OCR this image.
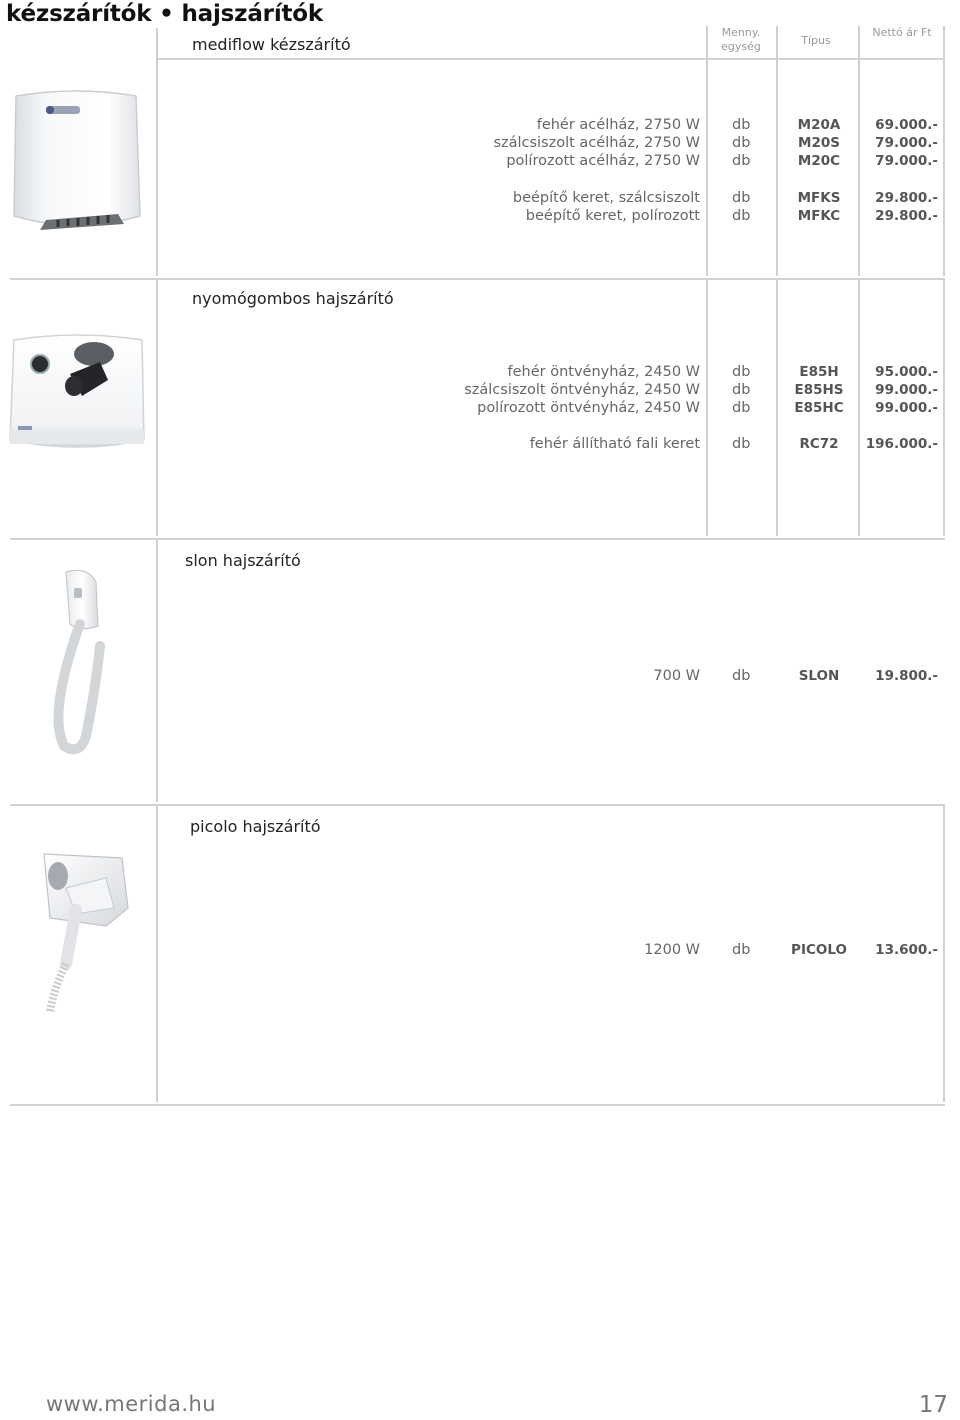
kézszárítók • hajszárítók
Menny. egység	Típus
Nettó ár Ft
mediflow kézszárító
fehér acélház, 2750 W db	M20A	69.000.-
szálcsiszolt acélház, 2750 W db	M20S	79.000.-
polírozott acélház, 2750 W db	M20C	79.000.-
beépítő keret, szálcsiszolt db	MFKS	29.800.-
beépítő keret, polírozott db	MFKC	29.800.-
nyomógombos hajszárító
fehér öntvényház, 2450 W db	E85H	95.000.-
szálcsiszolt öntvényház, 2450 W db	E85HS	99.000.-
polírozott öntvényház, 2450 W db	E85HC	99.000.-
fehér állítható fali keret db	RC72	196.000.-
slon hajszárító
700 W db	SLON	19.800.-
picolo hajszárító
1200 W db	PICOLO	13.600.-
www.merida.hu	17
